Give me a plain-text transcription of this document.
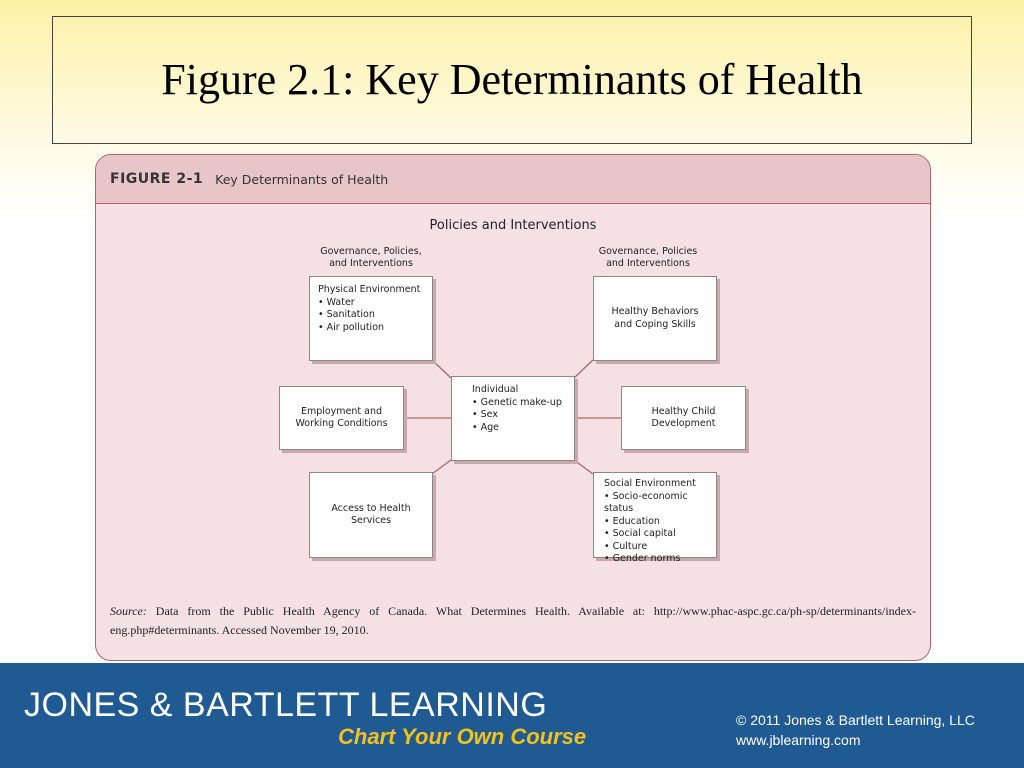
Figure 2.1: Key Determinants of Health
FIGURE 2-1 Key Determinants of Health
Policies and Interventions
Governance, Policies, and Interventions
Governance, Policies and Interventions
Physical Environment
• Water
• Sanitation
• Air pollution
Healthy Behaviors and Coping Skills
Employment and Working Conditions
Individual
• Genetic make-up
• Sex
• Age
Healthy Child Development
Access to Health Services
Social Environment
• Socio-economic status
• Education
• Social capital
• Culture
• Gender norms
Source: Data from the Public Health Agency of Canada. What Determines Health. Available at: http://www.phac-aspc.gc.ca/ph-sp/determinants/index-eng.php#determinants. Accessed November 19, 2010.
JONES & BARTLETT LEARNING
Chart Your Own Course
© 2011 Jones & Bartlett Learning, LLC
www.jblearning.com
